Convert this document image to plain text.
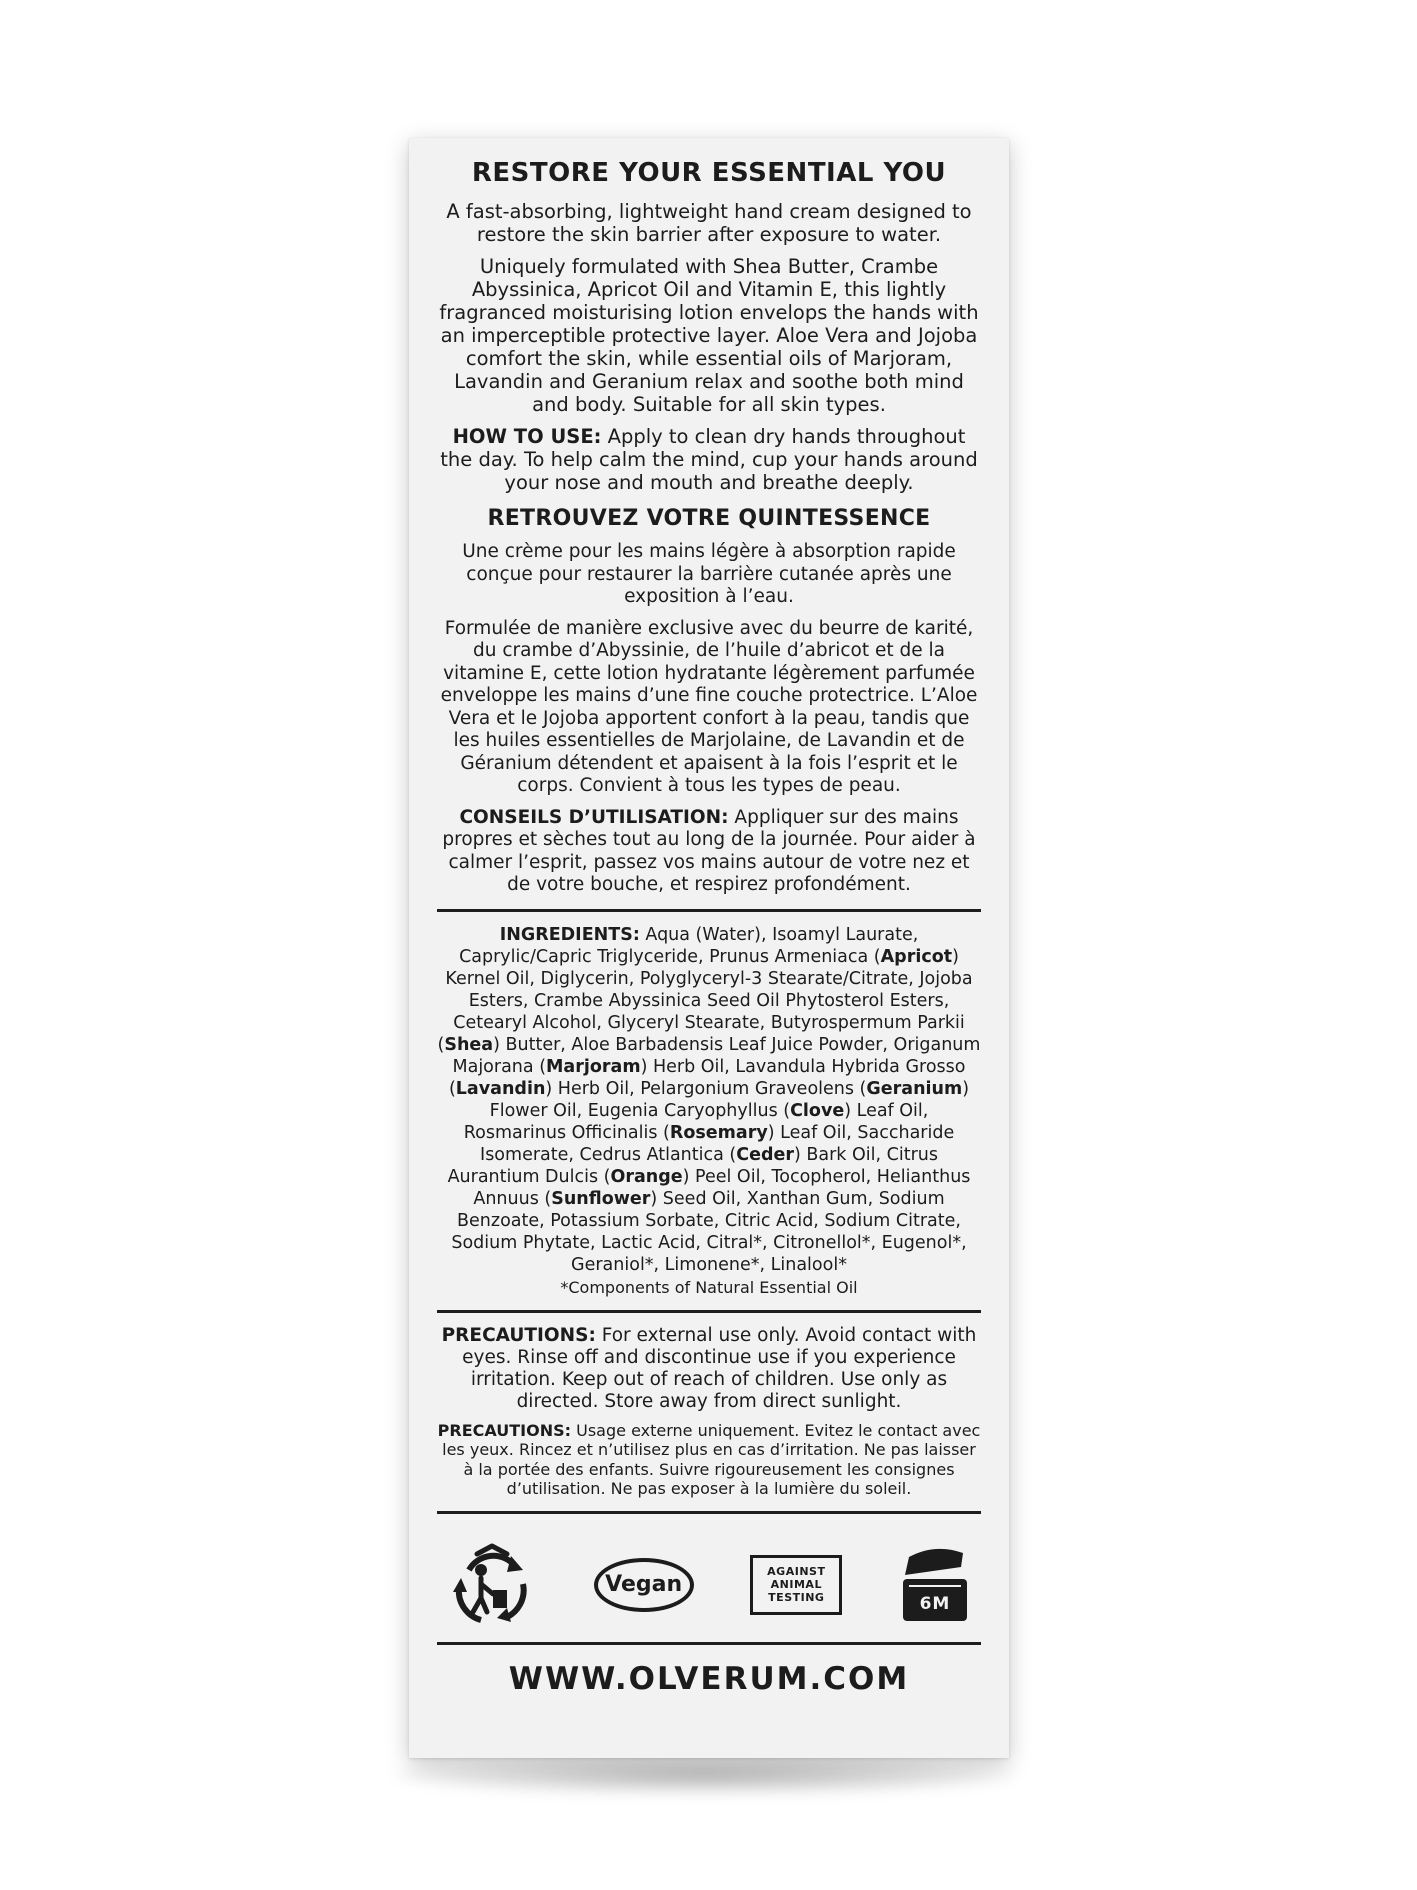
RESTORE YOUR ESSENTIAL YOU

A fast-absorbing, lightweight hand cream designed to restore the skin barrier after exposure to water.

Uniquely formulated with Shea Butter, Crambe Abyssinica, Apricot Oil and Vitamin E, this lightly fragranced moisturising lotion envelops the hands with an imperceptible protective layer. Aloe Vera and Jojoba comfort the skin, while essential oils of Marjoram, Lavandin and Geranium relax and soothe both mind and body. Suitable for all skin types.

HOW TO USE: Apply to clean dry hands throughout the day. To help calm the mind, cup your hands around your nose and mouth and breathe deeply.

RETROUVEZ VOTRE QUINTESSENCE

Une crème pour les mains légère à absorption rapide conçue pour restaurer la barrière cutanée après une exposition à l’eau.

Formulée de manière exclusive avec du beurre de karité, du crambe d’Abyssinie, de l’huile d’abricot et de la vitamine E, cette lotion hydratante légèrement parfumée enveloppe les mains d’une fine couche protectrice. L’Aloe Vera et le Jojoba apportent confort à la peau, tandis que les huiles essentielles de Marjolaine, de Lavandin et de Géranium détendent et apaisent à la fois l’esprit et le corps. Convient à tous les types de peau.

CONSEILS D’UTILISATION: Appliquer sur des mains propres et sèches tout au long de la journée. Pour aider à calmer l’esprit, passez vos mains autour de votre nez et de votre bouche, et respirez profondément.

INGREDIENTS: Aqua (Water), Isoamyl Laurate, Caprylic/Capric Triglyceride, Prunus Armeniaca (Apricot) Kernel Oil, Diglycerin, Polyglyceryl-3 Stearate/Citrate, Jojoba Esters, Crambe Abyssinica Seed Oil Phytosterol Esters, Cetearyl Alcohol, Glyceryl Stearate, Butyrospermum Parkii (Shea) Butter, Aloe Barbadensis Leaf Juice Powder, Origanum Majorana (Marjoram) Herb Oil, Lavandula Hybrida Grosso (Lavandin) Herb Oil, Pelargonium Graveolens (Geranium) Flower Oil, Eugenia Caryophyllus (Clove) Leaf Oil, Rosmarinus Officinalis (Rosemary) Leaf Oil, Saccharide Isomerate, Cedrus Atlantica (Ceder) Bark Oil, Citrus Aurantium Dulcis (Orange) Peel Oil, Tocopherol, Helianthus Annuus (Sunflower) Seed Oil, Xanthan Gum, Sodium Benzoate, Potassium Sorbate, Citric Acid, Sodium Citrate, Sodium Phytate, Lactic Acid, Citral*, Citronellol*, Eugenol*, Geraniol*, Limonene*, Linalool*

*Components of Natural Essential Oil

PRECAUTIONS: For external use only. Avoid contact with eyes. Rinse off and discontinue use if you experience irritation. Keep out of reach of children. Use only as directed. Store away from direct sunlight.

PRECAUTIONS: Usage externe uniquement. Evitez le contact avec les yeux. Rincez et n’utilisez plus en cas d’irritation. Ne pas laisser à la portée des enfants. Suivre rigoureusement les consignes d’utilisation. Ne pas exposer à la lumière du soleil.

Vegan
AGAINST
ANIMAL
TESTING	6M
WWW.OLVERUM.COM
